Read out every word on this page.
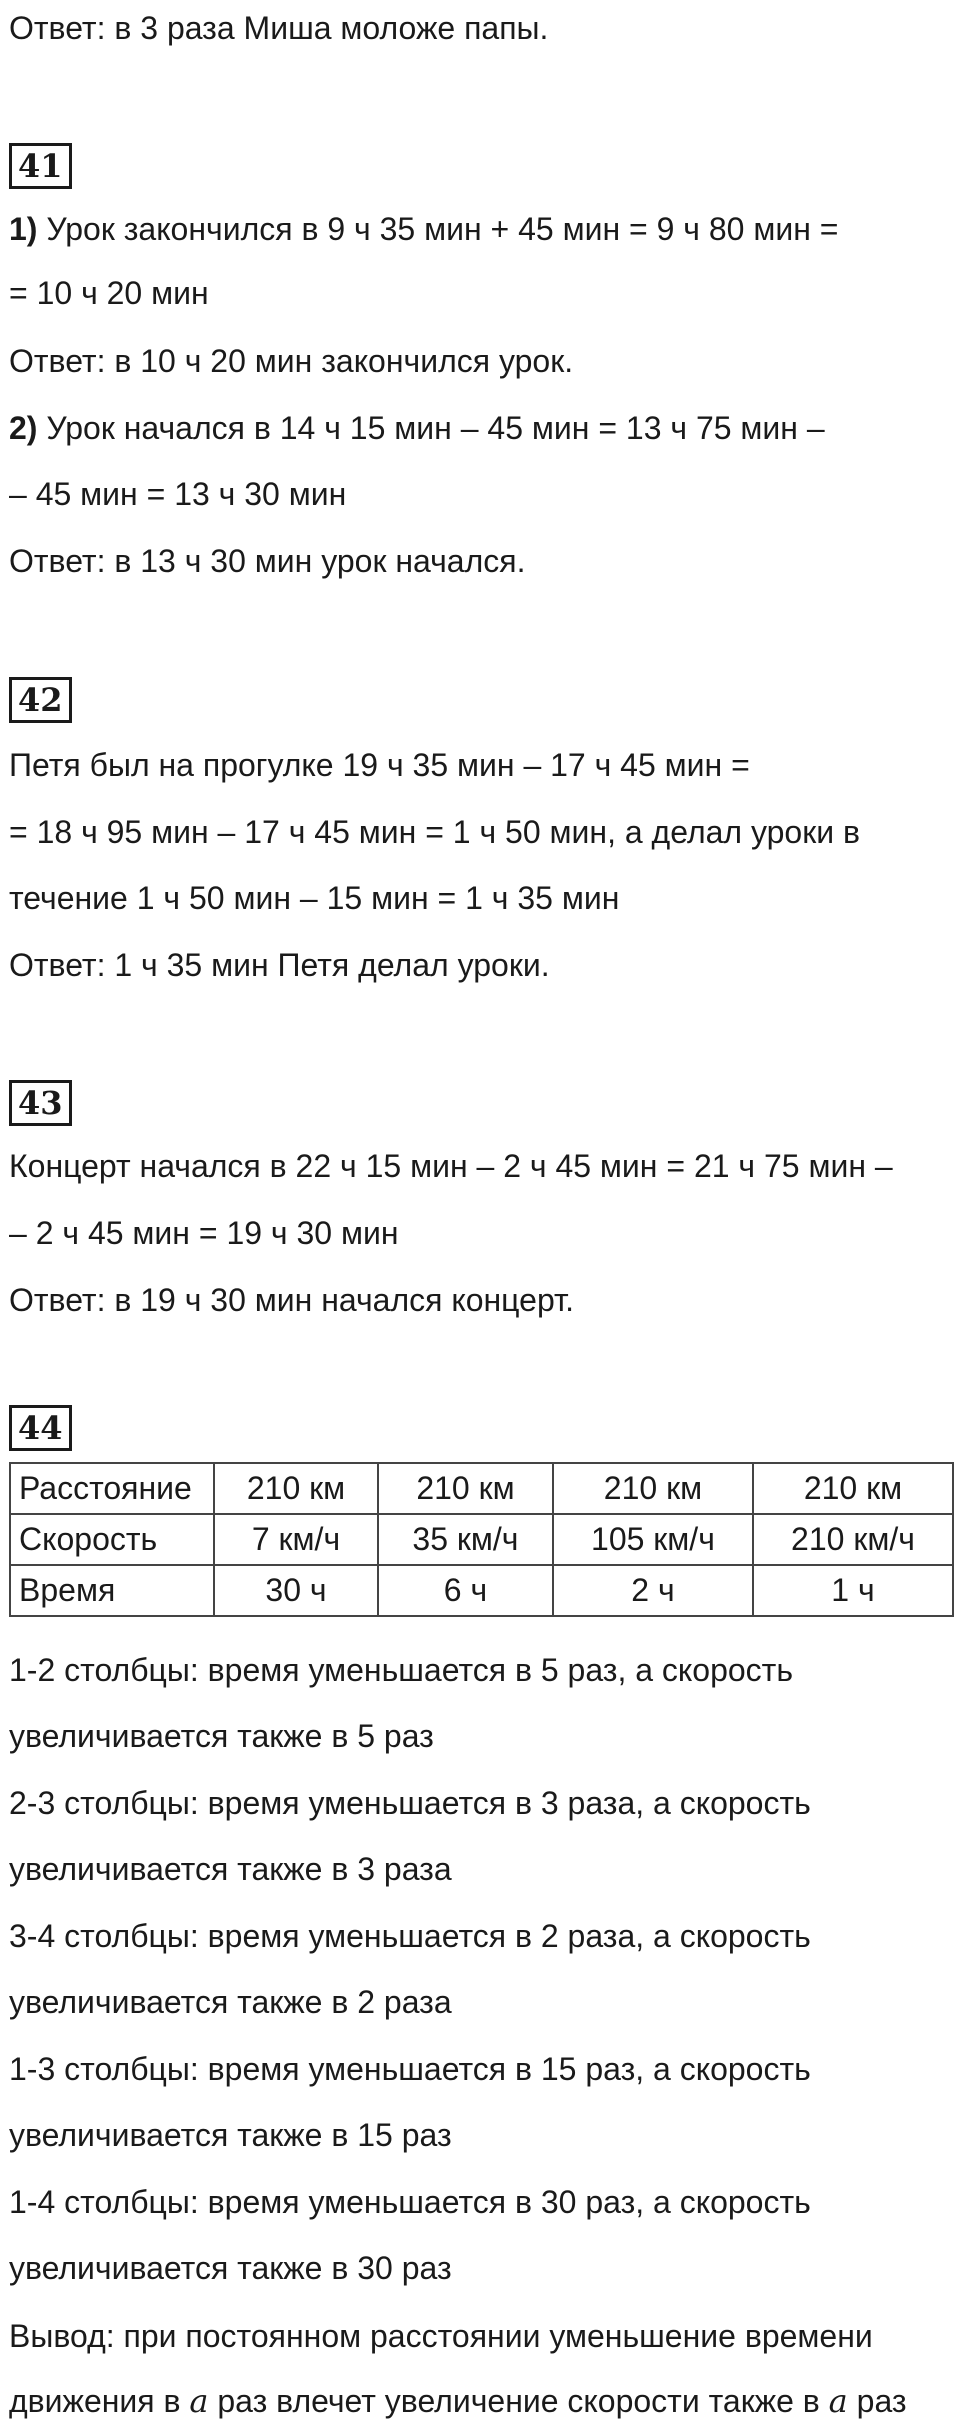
Ответ: в 3 раза Миша моложе папы.
41
1) Урок закончился в 9 ч 35 мин + 45 мин = 9 ч 80 мин =
= 10 ч 20 мин
Ответ: в 10 ч 20 мин закончился урок.
2) Урок начался в 14 ч 15 мин – 45 мин = 13 ч 75 мин –
– 45 мин = 13 ч 30 мин
Ответ: в 13 ч 30 мин урок начался.
42
Петя был на прогулке 19 ч 35 мин – 17 ч 45 мин =
= 18 ч 95 мин – 17 ч 45 мин = 1 ч 50 мин, а делал уроки в
течение 1 ч 50 мин – 15 мин = 1 ч 35 мин
Ответ: 1 ч 35 мин Петя делал уроки.
43
Концерт начался в 22 ч 15 мин – 2 ч 45 мин = 21 ч 75 мин –
– 2 ч 45 мин = 19 ч 30 мин
Ответ: в 19 ч 30 мин начался концерт.
44
Расстояние	210 км	210 км	210 км	210 км
Скорость	7 км/ч	35 км/ч	105 км/ч	210 км/ч
Время	30 ч	6 ч	2 ч	1 ч
1-2 столбцы: время уменьшается в 5 раз, а скорость
увеличивается также в 5 раз
2-3 столбцы: время уменьшается в 3 раза, а скорость
увеличивается также в 3 раза
3-4 столбцы: время уменьшается в 2 раза, а скорость
увеличивается также в 2 раза
1-3 столбцы: время уменьшается в 15 раз, а скорость
увеличивается также в 15 раз
1-4 столбцы: время уменьшается в 30 раз, а скорость
увеличивается также в 30 раз
Вывод: при постоянном расстоянии уменьшение времени
движения в a раз влечет увеличение скорости также в a раз
